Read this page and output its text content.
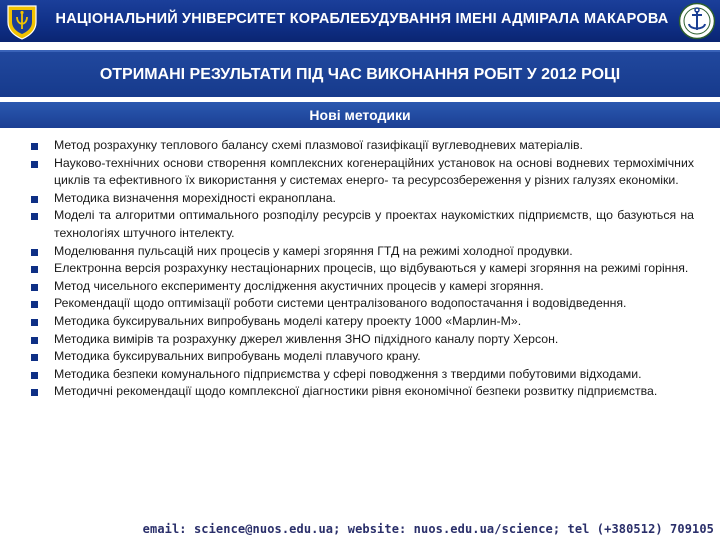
НАЦІОНАЛЬНИЙ УНІВЕРСИТЕТ КОРАБЛЕБУДУВАННЯ ІМЕНІ АДМІРАЛА МАКАРОВА
ОТРИМАНІ РЕЗУЛЬТАТИ ПІД ЧАС ВИКОНАННЯ РОБІТ У 2012 РОЦІ
Нові методики
Метод розрахунку теплового балансу схемі плазмової газифікації вуглеводневих матеріалів.
Науково-технічних основи створення комплексних когенераційних установок на основі водневих термохімічних циклів та ефективного їх використання у системах енерго- та ресурсозбереження у різних галузях економіки.
Методика визначення мореxідності екраноплана.
Моделі та алгоритми оптимального розподілу ресурсів у проектах наукомістких підприємств, що базуються на технологіях штучного інтелекту.
Моделювання пульсацій них процесів у камері згоряння ГТД на режимі холодної продувки.
Електронна версія розрахунку нестаціонарних процесів, що відбуваються у камері згоряння на режимі горіння.
Метод чисельного експерименту дослідження акустичних процесів у камері згоряння.
Рекомендації щодо оптимізації роботи системи централізованого водопостачання і водовідведення.
Методика буксирувальних випробувань моделі катеру проекту 1000 «Марлин-М».
Методика вимірів та розрахунку джерел живлення ЗНО підхідного каналу порту Херсон.
Методика буксирувальних випробувань моделі плавучого крану.
Методика безпеки комунального підприємства у сфері поводження з твердими побутовими відходами.
Методичні рекомендації щодо комплексної діагностики рівня економічної безпеки розвитку підприємства.
email: science@nuos.edu.ua; website: nuos.edu.ua/science; tel (+380512) 709105
